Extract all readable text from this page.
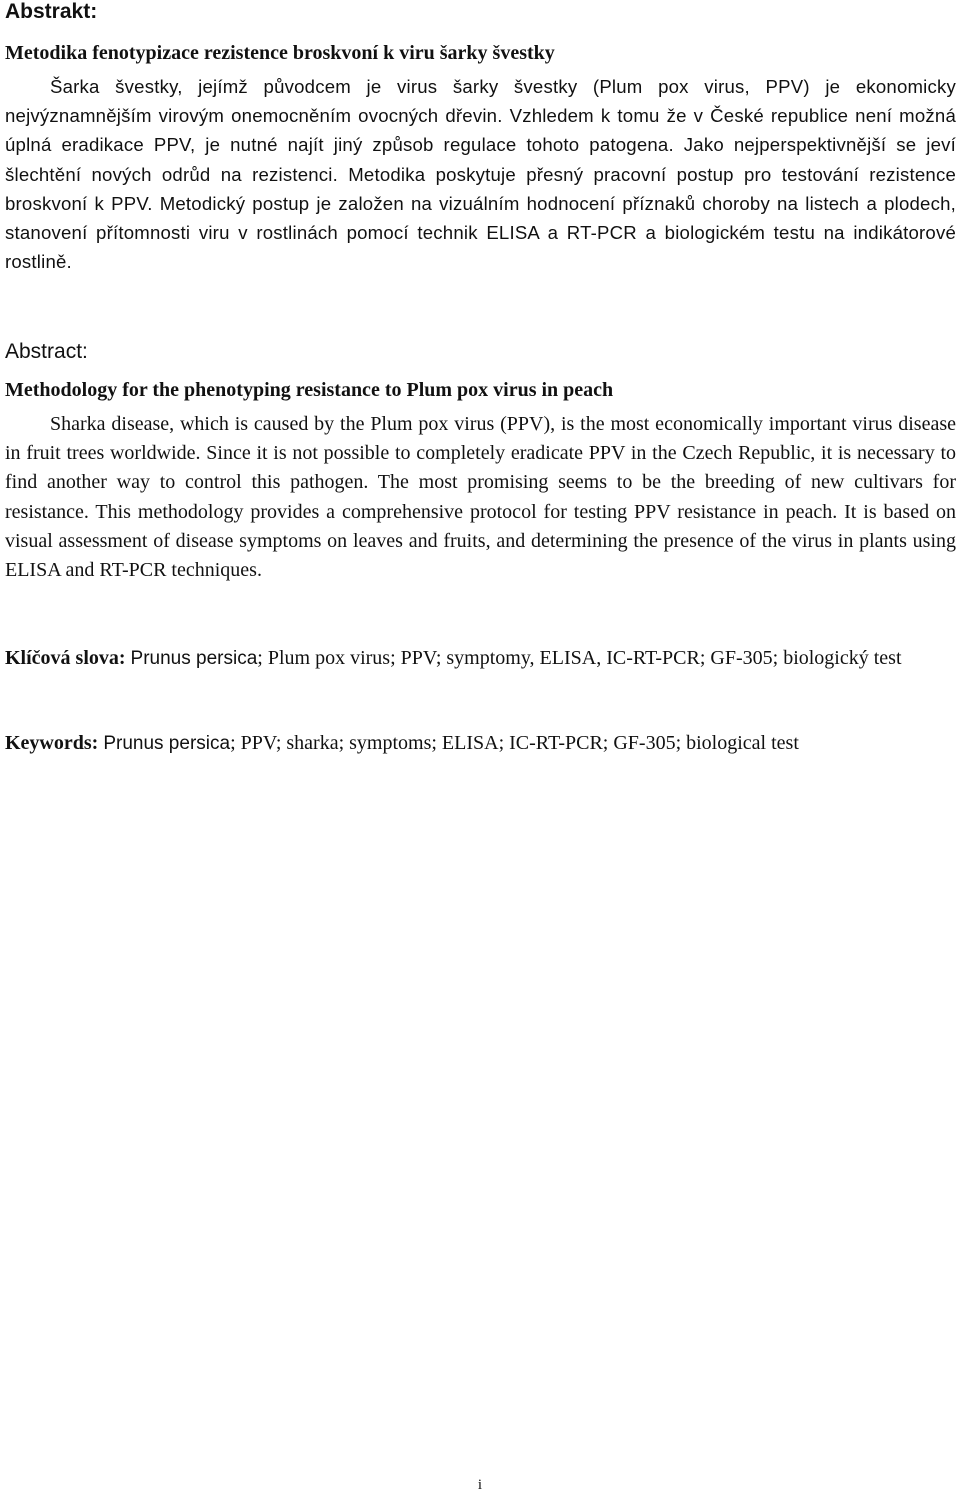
Abstrakt:
Metodika fenotypizace rezistence broskvoní k viru šarky švestky

Šarka švestky, jejímž původcem je virus šarky švestky (Plum pox virus, PPV) je ekonomicky nejvýznamnějším virovým onemocněním ovocných dřevin. Vzhledem k tomu že v České republice není možná úplná eradikace PPV, je nutné najít jiný způsob regulace tohoto patogena. Jako nejperspektivnější se jeví šlechtění nových odrůd na rezistenci. Metodika poskytuje přesný pracovní postup pro testování rezistence broskvoní k PPV. Metodický postup je založen na vizuálním hodnocení příznaků choroby na listech a plodech, stanovení přítomnosti viru v rostlinách pomocí technik ELISA a RT-PCR a biologickém testu na indikátorové rostlině.

Abstract:
Methodology for the phenotyping resistance to Plum pox virus in peach

Sharka disease, which is caused by the Plum pox virus (PPV), is the most economically important virus disease in fruit trees worldwide. Since it is not possible to completely eradicate PPV in the Czech Republic, it is necessary to find another way to control this pathogen. The most promising seems to be the breeding of new cultivars for resistance. This methodology provides a comprehensive protocol for testing PPV resistance in peach. It is based on visual assessment of disease symptoms on leaves and fruits, and determining the presence of the virus in plants using ELISA and RT-PCR techniques.

Klíčová slova: Prunus persica; Plum pox virus; PPV; symptomy, ELISA, IC-RT-PCR; GF-305; biologický test

Keywords: Prunus persica; PPV; sharka; symptoms; ELISA; IC-RT-PCR; GF-305; biological test

i
